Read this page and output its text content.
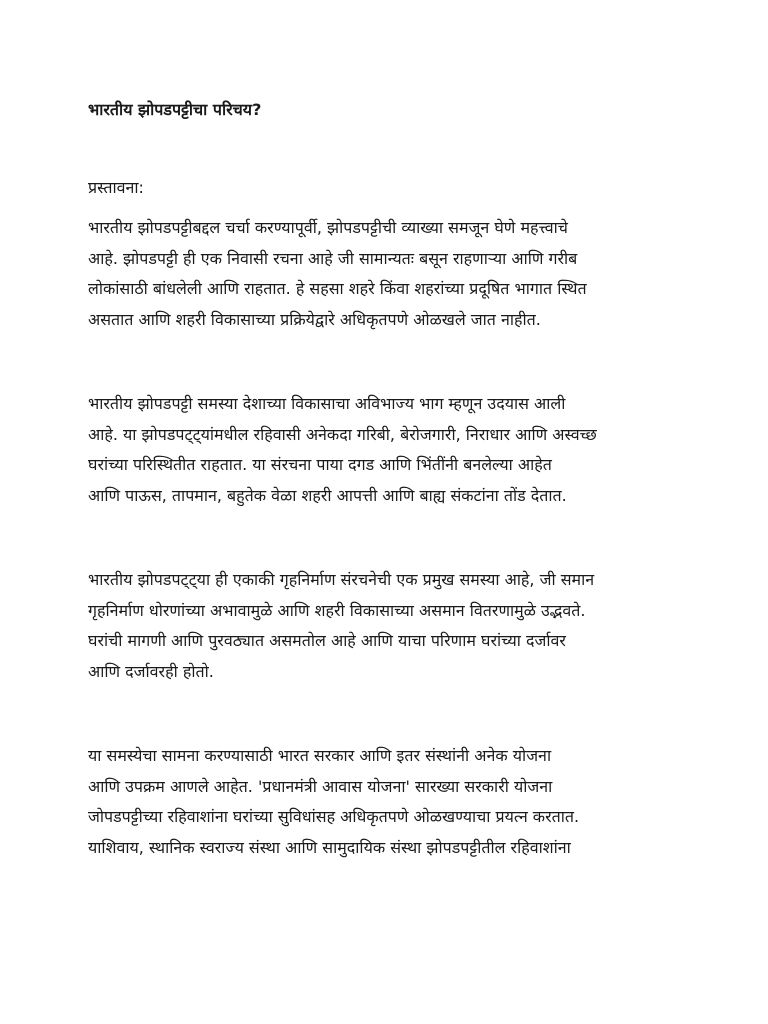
भारतीय झोपडपट्टीचा परिचय?
प्रस्तावना:
भारतीय झोपडपट्टीबद्दल चर्चा करण्यापूर्वी, झोपडपट्टीची व्याख्या समजून घेणे महत्त्वाचे
आहे. झोपडपट्टी ही एक निवासी रचना आहे जी सामान्यतः बसून राहणाऱ्या आणि गरीब
लोकांसाठी बांधलेली आणि राहतात. हे सहसा शहरे किंवा शहरांच्या प्रदूषित भागात स्थित
असतात आणि शहरी विकासाच्या प्रक्रियेद्वारे अधिकृतपणे ओळखले जात नाहीत.
भारतीय झोपडपट्टी समस्या देशाच्या विकासाचा अविभाज्य भाग म्हणून उदयास आली
आहे. या झोपडपट्ट्यांमधील रहिवासी अनेकदा गरिबी, बेरोजगारी, निराधार आणि अस्वच्छ
घरांच्या परिस्थितीत राहतात. या संरचना पाया दगड आणि भिंतींनी बनलेल्या आहेत
आणि पाऊस, तापमान, बहुतेक वेळा शहरी आपत्ती आणि बाह्य संकटांना तोंड देतात.
भारतीय झोपडपट्ट्या ही एकाकी गृहनिर्माण संरचनेची एक प्रमुख समस्या आहे, जी समान
गृहनिर्माण धोरणांच्या अभावामुळे आणि शहरी विकासाच्या असमान वितरणामुळे उद्भवते.
घरांची मागणी आणि पुरवठ्यात असमतोल आहे आणि याचा परिणाम घरांच्या दर्जावर
आणि दर्जावरही होतो.
या समस्येचा सामना करण्यासाठी भारत सरकार आणि इतर संस्थांनी अनेक योजना
आणि उपक्रम आणले आहेत. 'प्रधानमंत्री आवास योजना' सारख्या सरकारी योजना
जोपडपट्टीच्या रहिवाशांना घरांच्या सुविधांसह अधिकृतपणे ओळखण्याचा प्रयत्न करतात.
याशिवाय, स्थानिक स्वराज्य संस्था आणि सामुदायिक संस्था झोपडपट्टीतील रहिवाशांना
